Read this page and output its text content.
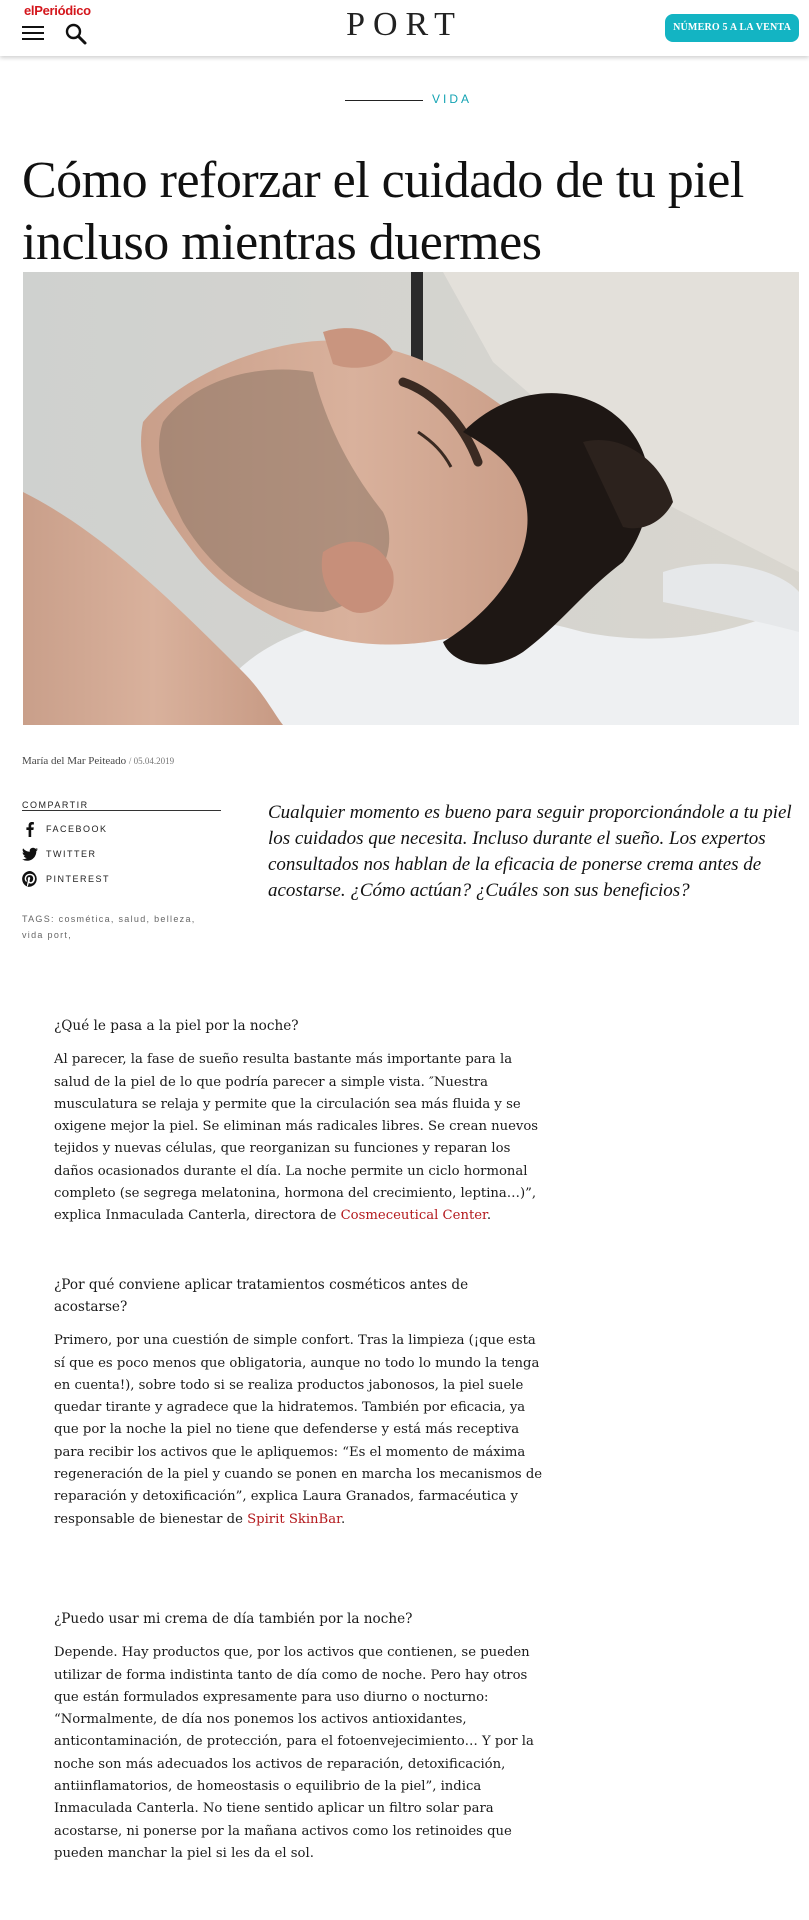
elPeriódico	PORT	NÚMERO 5 A LA VENTA
VIDA
Cómo reforzar el cuidado de tu piel incluso mientras duermes
María del Mar Peiteado / 05.04.2019
COMPARTIR
FACEBOOK
TWITTER
PINTEREST
TAGS: cosmética, salud, belleza,
vida port,

Cualquier momento es bueno para seguir proporcionándole a tu piel los cuidados que necesita. Incluso durante el sueño. Los expertos consultados nos hablan de la eficacia de ponerse crema antes de acostarse. ¿Cómo actúan? ¿Cuáles son sus beneficios?

¿Qué le pasa a la piel por la noche?

Al parecer, la fase de sueño resulta bastante más importante para la salud de la piel de lo que podría parecer a simple vista. ″Nuestra musculatura se relaja y permite que la circulación sea más fluida y se oxigene mejor la piel. Se eliminan más radicales libres. Se crean nuevos tejidos y nuevas células, que reorganizan su funciones y reparan los daños ocasionados durante el día. La noche permite un ciclo hormonal completo (se segrega melatonina, hormona del crecimiento, leptina…)”, explica Inmaculada Canterla, directora de Cosmeceutical Center.

¿Por qué conviene aplicar tratamientos cosméticos antes de acostarse?

Primero, por una cuestión de simple confort. Tras la limpieza (¡que esta sí que es poco menos que obligatoria, aunque no todo lo mundo la tenga en cuenta!), sobre todo si se realiza productos jabonosos, la piel suele quedar tirante y agradece que la hidratemos. También por eficacia, ya que por la noche la piel no tiene que defenderse y está más receptiva para recibir los activos que le apliquemos: “Es el momento de máxima regeneración de la piel y cuando se ponen en marcha los mecanismos de reparación y detoxificación”, explica Laura Granados, farmacéutica y responsable de bienestar de Spirit SkinBar.

¿Puedo usar mi crema de día también por la noche?

Depende. Hay productos que, por los activos que contienen, se pueden utilizar de forma indistinta tanto de día como de noche. Pero hay otros que están formulados expresamente para uso diurno o nocturno: “Normalmente, de día nos ponemos los activos antioxidantes, anticontaminación, de protección, para el fotoenvejecimiento… Y por la noche son más adecuados los activos de reparación, detoxificación, antiinflamatorios, de homeostasis o equilibrio de la piel”, indica Inmaculada Canterla. No tiene sentido aplicar un filtro solar para acostarse, ni ponerse por la mañana activos como los retinoides que pueden manchar la piel si les da el sol.
